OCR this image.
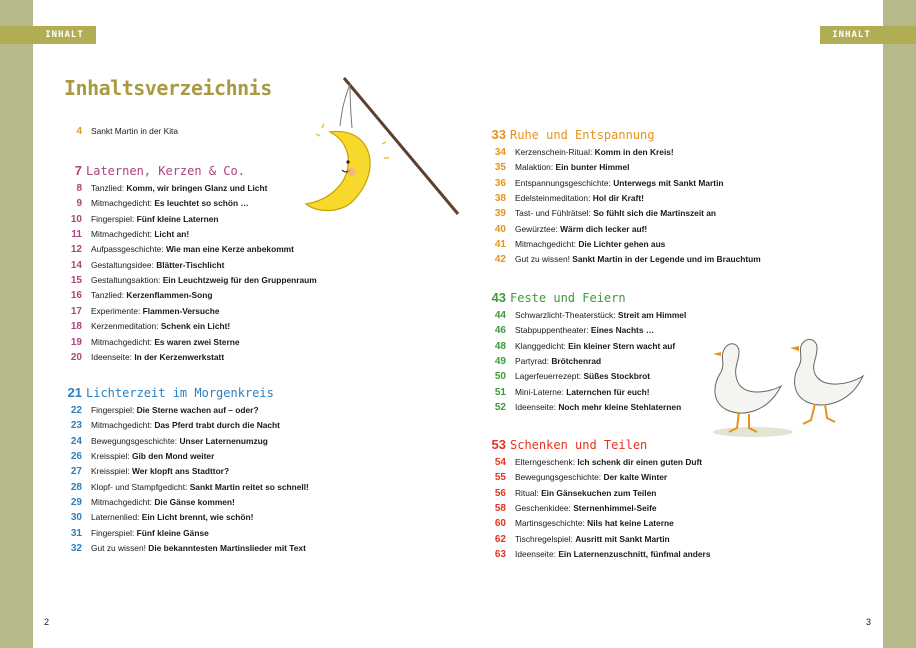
INHALT	INHALT
Inhaltsverzeichnis
4 Sankt Martin in der Kita
7 Laternen, Kerzen & Co.
8 Tanzlied: Komm, wir bringen Glanz und Licht
9 Mitmachgedicht: Es leuchtet so schön …
10 Fingerspiel: Fünf kleine Laternen
11 Mitmachgedicht: Licht an!
12 Aufpassgeschichte: Wie man eine Kerze anbekommt
14 Gestaltungsidee: Blätter-Tischlicht
15 Gestaltungsaktion: Ein Leuchtzweig für den Gruppenraum
16 Tanzlied: Kerzenflammen-Song
17 Experimente: Flammen-Versuche
18 Kerzenmeditation: Schenk ein Licht!
19 Mitmachgedicht: Es waren zwei Sterne
20 Ideenseite: In der Kerzenwerkstatt
21 Lichterzeit im Morgenkreis
22 Fingerspiel: Die Sterne wachen auf – oder?
23 Mitmachgedicht: Das Pferd trabt durch die Nacht
24 Bewegungsgeschichte: Unser Laternenumzug
26 Kreisspiel: Gib den Mond weiter
27 Kreisspiel: Wer klopft ans Stadttor?
28 Klopf- und Stampfgedicht: Sankt Martin reitet so schnell!
29 Mitmachgedicht: Die Gänse kommen!
30 Laternenlied: Ein Licht brennt, wie schön!
31 Fingerspiel: Fünf kleine Gänse
32 Gut zu wissen! Die bekanntesten Martinslieder mit Text
33 Ruhe und Entspannung
34 Kerzenschein-Ritual: Komm in den Kreis!
35 Malaktion: Ein bunter Himmel
36 Entspannungsgeschichte: Unterwegs mit Sankt Martin
38 Edelsteinmeditation: Hol dir Kraft!
39 Tast- und Fühlrätsel: So fühlt sich die Martinszeit an
40 Gewürztee: Wärm dich lecker auf!
41 Mitmachgedicht: Die Lichter gehen aus
42 Gut zu wissen! Sankt Martin in der Legende und im Brauchtum
43 Feste und Feiern
44 Schwarzlicht-Theaterstück: Streit am Himmel
46 Stabpuppentheater: Eines Nachts …
48 Klanggedicht: Ein kleiner Stern wacht auf
49 Partyrad: Brötchenrad
50 Lagerfeuerrezept: Süßes Stockbrot
51 Mini-Laterne: Laternchen für euch!
52 Ideenseite: Noch mehr kleine Stehlaternen
53 Schenken und Teilen
54 Elterngeschenk: Ich schenk dir einen guten Duft
55 Bewegungsgeschichte: Der kalte Winter
56 Ritual: Ein Gänsekuchen zum Teilen
58 Geschenkidee: Sternenhimmel-Seife
60 Martinsgeschichte: Nils hat keine Laterne
62 Tischregelspiel: Ausritt mit Sankt Martin
63 Ideenseite: Ein Laternenzuschnitt, fünfmal anders
2	3
